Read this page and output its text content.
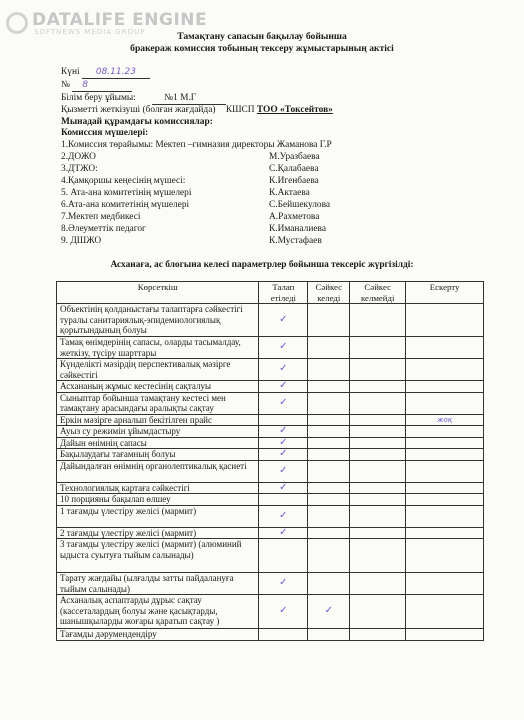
DATALIFE ENGINE
SOFTNEWS MEDIA GROUP	Тамақтану сапасын бақылау бойынша
бракераж комиссия тобының тексеру жұмыстарының актісі
Күні 08.11.23
№ 8
Білім беру ұйымы:	№1 М.Г
Қызметті жеткізуші (болған жағдайда) КШСП ТОО «Токсейтов»
Мынадай құрамдағы комиссиялар:
Комиссия мүшелері:
1.Комиссия төрайымы: Мектеп –гимназия директоры Жаманова Г.Р
2.ДОЖО	М.Уразбаева
3.ДТЖО:	С.Қалабаева
4.Қамқоршы кеңесінің мүшесі:	К.Игенбаева
5. Ата-ана комитетінің мүшелері	К.Актаева
6.Ата-ана комитетінің мүшелері	С.Бейшекулова
7.Мектеп медбикесі	А.Рахметова
8.Әлеуметтік педагог	К.Иманалиева
9. ДШЖО	К.Мустафаев
Асханаға, ас блогына келесі параметрлер бойынша тексеріс жүргізілді:
Көрсеткіш	Талап етіледі	Сәйкес келеді	Сәйкес келмейді	Ескерту
Объектінің қолданыстағы талаптарға сәйкестігі туралы санитариялық-эпидемиологиялық қорытындының болуы	✓			
Тамақ өнімдерінің сапасы, оларды тасымалдау, жеткізу, түсіру шарттары	✓			
Күнделікті мәзірдің перспективалық мәзірге сәйкестігі	✓			
Асхананың жұмыс кестесінің сақталуы	✓			
Сыныптар бойынша тамақтану кестесі мен тамақтану арасындағы аралықты сақтау	✓			
Еркін мәзірге арналып бекітілген прайс				жоқ
Ауыз су режимін ұйымдастыру	✓			
Дайын өнімнің сапасы	✓			
Бақылаудағы тағамның болуы	✓			
Дайындалған өнімнің органолептикалық қасиеті	✓			
Технологиялық картаға сәйкестігі	✓			
10 порцияны бақылап өлшеу				
1 тағамды үлестіру желісі (мармит)	✓			
2 тағамды үлестіру желісі (мармит)	✓			
3 тағамды үлестіру желісі (мармит) (алюминий ыдыста суытуға тыйым салынады)				
Тарату жағдайы (ылғалды затты пайдалануға тыйым салынады)	✓			
Асханалық аспаптарды дұрыс сақтау (кассеталардың болуы және қасықтарды, шанышқыларды жоғары қаратып сақтау )	✓	✓		
Тағамды дәрумендендіру				
